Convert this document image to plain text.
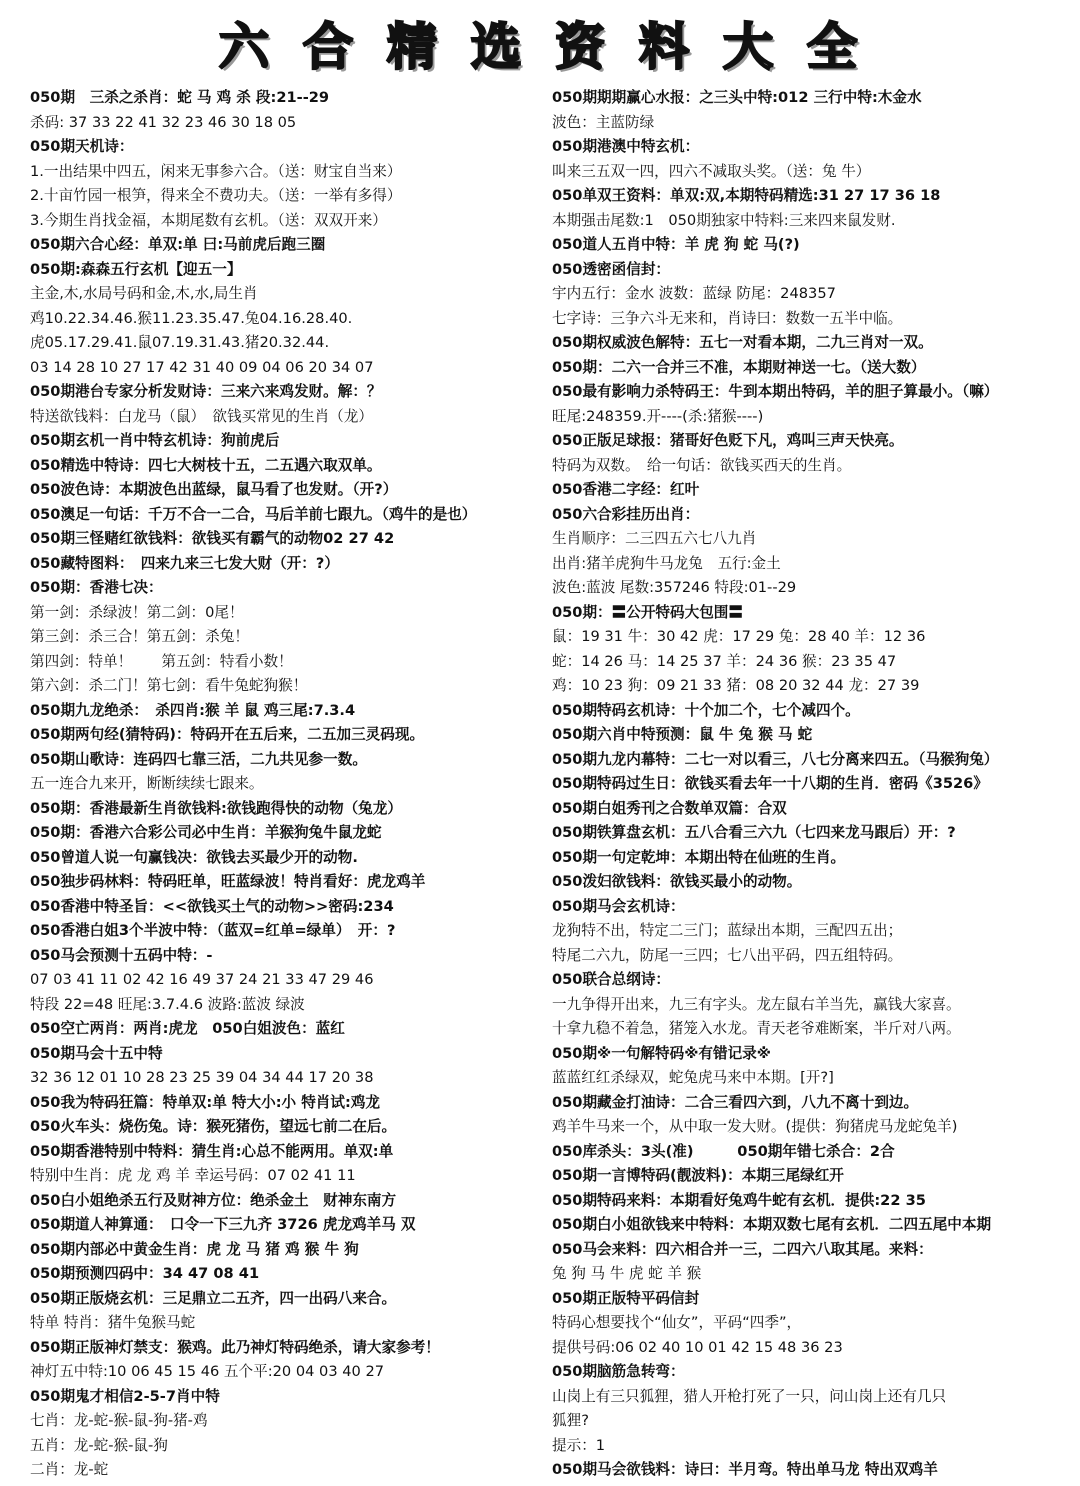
六合精选资料大全
050期　三杀之杀肖：蛇 马 鸡 杀 段:21--29
杀码: 37 33 22 41 32 23 46 30 18 05
050期天机诗：
1.一出结果中四五，闲来无事参六合。（送：财宝自当来）
2.十亩竹园一根笋，得来全不费功夫。（送：一举有多得）
3.今期生肖找金福，本期尾数有玄机。（送：双双开来）
050期六合心经：单双:单 曰:马前虎后跑三圈
050期:森森五行玄机【迎五一】
主金,木,水局号码和金,木,水,局生肖
鸡10.22.34.46.猴11.23.35.47.兔04.16.28.40.
虎05.17.29.41.鼠07.19.31.43.猪20.32.44.
03 14 28 10 27 17 42 31 40 09 04 06 20 34 07
050期港台专家分析发财诗：三来六来鸡发财。解：？
特送欲钱料：白龙马（鼠）　欲钱买常见的生肖（龙）
050期玄机一肖中特玄机诗：狗前虎后
050精选中特诗：四七大树枝十五，二五遇六取双单。
050波色诗：本期波色出蓝绿，鼠马看了也发财。（开?）
050澳足一句话：千万不合一二合，马后羊前七跟九。（鸡牛的是也）
050期三怪赌红欲钱料：欲钱买有霸气的动物02 27 42
050藏特图料：　四来九来三七发大财（开：?）
050期：香港七决：
第一剑：杀绿波！第二剑：0尾！
第三剑：杀三合！第五剑：杀兔！
第四剑：特单！　　第五剑：特看小数！
第六剑：杀二门！第七剑：看牛兔蛇狗猴！
050期九龙绝杀：　杀四肖:猴 羊 鼠 鸡三尾:7.3.4
050期两句经(猜特码)：特码开在五后来，二五加三灵码现。
050期山歌诗：连码四七靠三活，二九共见参一数。
五一连合九来开，断断续续七跟来。
050期：香港最新生肖欲钱料:欲钱跑得快的动物（兔龙）
050期：香港六合彩公司必中生肖：羊猴狗兔牛鼠龙蛇
050曾道人说一句赢钱决：欲钱去买最少开的动物.
050独步码林料：特码旺单，旺蓝绿波！特肖看好：虎龙鸡羊
050香港中特圣旨：<<欲钱买土气的动物>>密码:234
050香港白姐3个半波中特：（蓝双=红单=绿单）　开：?
050马会预测十五码中特：-
07 03 41 11 02 42 16 49 37 24 21 33 47 29 46
特段 22=48 旺尾:3.7.4.6 波路:蓝波 绿波
050空亡两肖：两肖:虎龙　050白姐波色：蓝红
050期马会十五中特
32 36 12 01 10 28 23 25 39 04 34 44 17 20 38
050我为特码狂篇：特单双:单 特大小:小 特肖试:鸡龙
050火车头：烧伤兔。诗：猴死猪伤，望远七前二在后。
050期香港特别中特料：猜生肖:心总不能两用。单双:单
特别中生肖：虎 龙 鸡 羊 幸运号码：07 02 41 11
050白小姐绝杀五行及财神方位：绝杀金土　财神东南方
050期道人神算通：　口令一下三九齐 3726 虎龙鸡羊马 双
050期内部必中黄金生肖：虎 龙 马 猪 鸡 猴 牛 狗
050期预测四码中：34 47 08 41
050期正版烧玄机：三足鼎立二五齐，四一出码八来合。
特单 特肖：猪牛兔猴马蛇
050期正版神灯禁支：猴鸡。此乃神灯特码绝杀，请大家参考！
神灯五中特:10 06 45 15 46 五个平:20 04 03 40 27
050期鬼才相信2-5-7肖中特
七肖：龙-蛇-猴-鼠-狗-猪-鸡
五肖：龙-蛇-猴-鼠-狗
二肖：龙-蛇
050期期期赢心水报：之三头中特:012 三行中特:木金水
波色：主蓝防绿
050期港澳中特玄机：
叫来三五双一四，四六不减取头奖。（送：兔 牛）
050单双王资料：单双:双,本期特码精选:31 27 17 36 18
本期强击尾数:1　050期独家中特料:三来四来鼠发财.
050道人五肖中特：羊 虎 狗 蛇 马(?)
050透密函信封：
宇内五行：金水 波数：蓝绿 防尾：248357
七字诗：三争六斗无来和，肖诗曰：数数一五半中临。
050期权威波色解特：五七一对看本期，二九三肖对一双。
050期：二六一合并三不准，本期财神送一七。（送大数）
050最有影响力杀特码王：牛到本期出特码，羊的胆子算最小。（嘛）
旺尾:248359.开----(杀:猪猴----)
050正版足球报：猪哥好色贬下凡，鸡叫三声天快亮。
特码为双数。　给一句话：欲钱买西天的生肖。
050香港二字经：红叶
050六合彩挂历出肖：
生肖顺序：二三四五六七八九肖
出肖:猪羊虎狗牛马龙兔　五行:金土
波色:蓝波 尾数:357246 特段:01--29
050期：〓公开特码大包围〓
鼠：19 31 牛：30 42 虎：17 29 兔：28 40 羊：12 36
蛇：14 26 马：14 25 37 羊：24 36 猴：23 35 47
鸡：10 23 狗：09 21 33 猪：08 20 32 44 龙：27 39
050期特码玄机诗：十个加二个，七个减四个。
050期六肖中特预测：鼠 牛 兔 猴 马 蛇
050期九龙内幕特：二七一对以看三，八七分离来四五。（马猴狗兔）
050期特码过生日：欲钱买看去年一十八期的生肖．密码《3526》
050期白姐秀刊之合数单双篇：合双
050期铁算盘玄机：五八合看三六九（七四来龙马跟后）开：?
050期一句定乾坤：本期出特在仙班的生肖。
050泼妇欲钱料：欲钱买最小的动物。
050期马会玄机诗：
龙狗特不出，特定二三门；蓝绿出本期，三配四五出；
特尾二六九，防尾一三四；七八出平码，四五组特码。
050联合总纲诗：
一九争得开出来，九三有字头。龙左鼠右羊当先，赢钱大家喜。
十拿九稳不着急，猪笼入水龙。青天老爷难断案，半斤对八两。
050期※一句解特码※有错记录※
蓝蓝红红杀绿双，蛇兔虎马来中本期。[开?]
050期藏金打油诗：二合三看四六到，八九不离十到边。
鸡羊牛马来一个，从中取一发大财。(提供：狗猪虎马龙蛇兔羊)
050库杀头：3头(准)　　　050期年错七杀合：2合
050期一言博特码(靓波料)：本期三尾绿红开
050期特码来料：本期看好兔鸡牛蛇有玄机．提供:22 35
050期白小姐欲钱来中特料：本期双数七尾有玄机．二四五尾中本期
050马会来料：四六相合并一三，二四六八取其尾。来料：
兔 狗 马 牛 虎 蛇 羊 猴
050期正版特平码信封
特码心想要找个“仙女”，平码“四季”，
提供号码:06 02 40 10 01 42 15 48 36 23
050期脑筋急转弯：
山岗上有三只狐狸，猎人开枪打死了一只，问山岗上还有几只
狐狸?
提示：1
050期马会欲钱料：诗曰：半月弯。特出单马龙 特出双鸡羊
